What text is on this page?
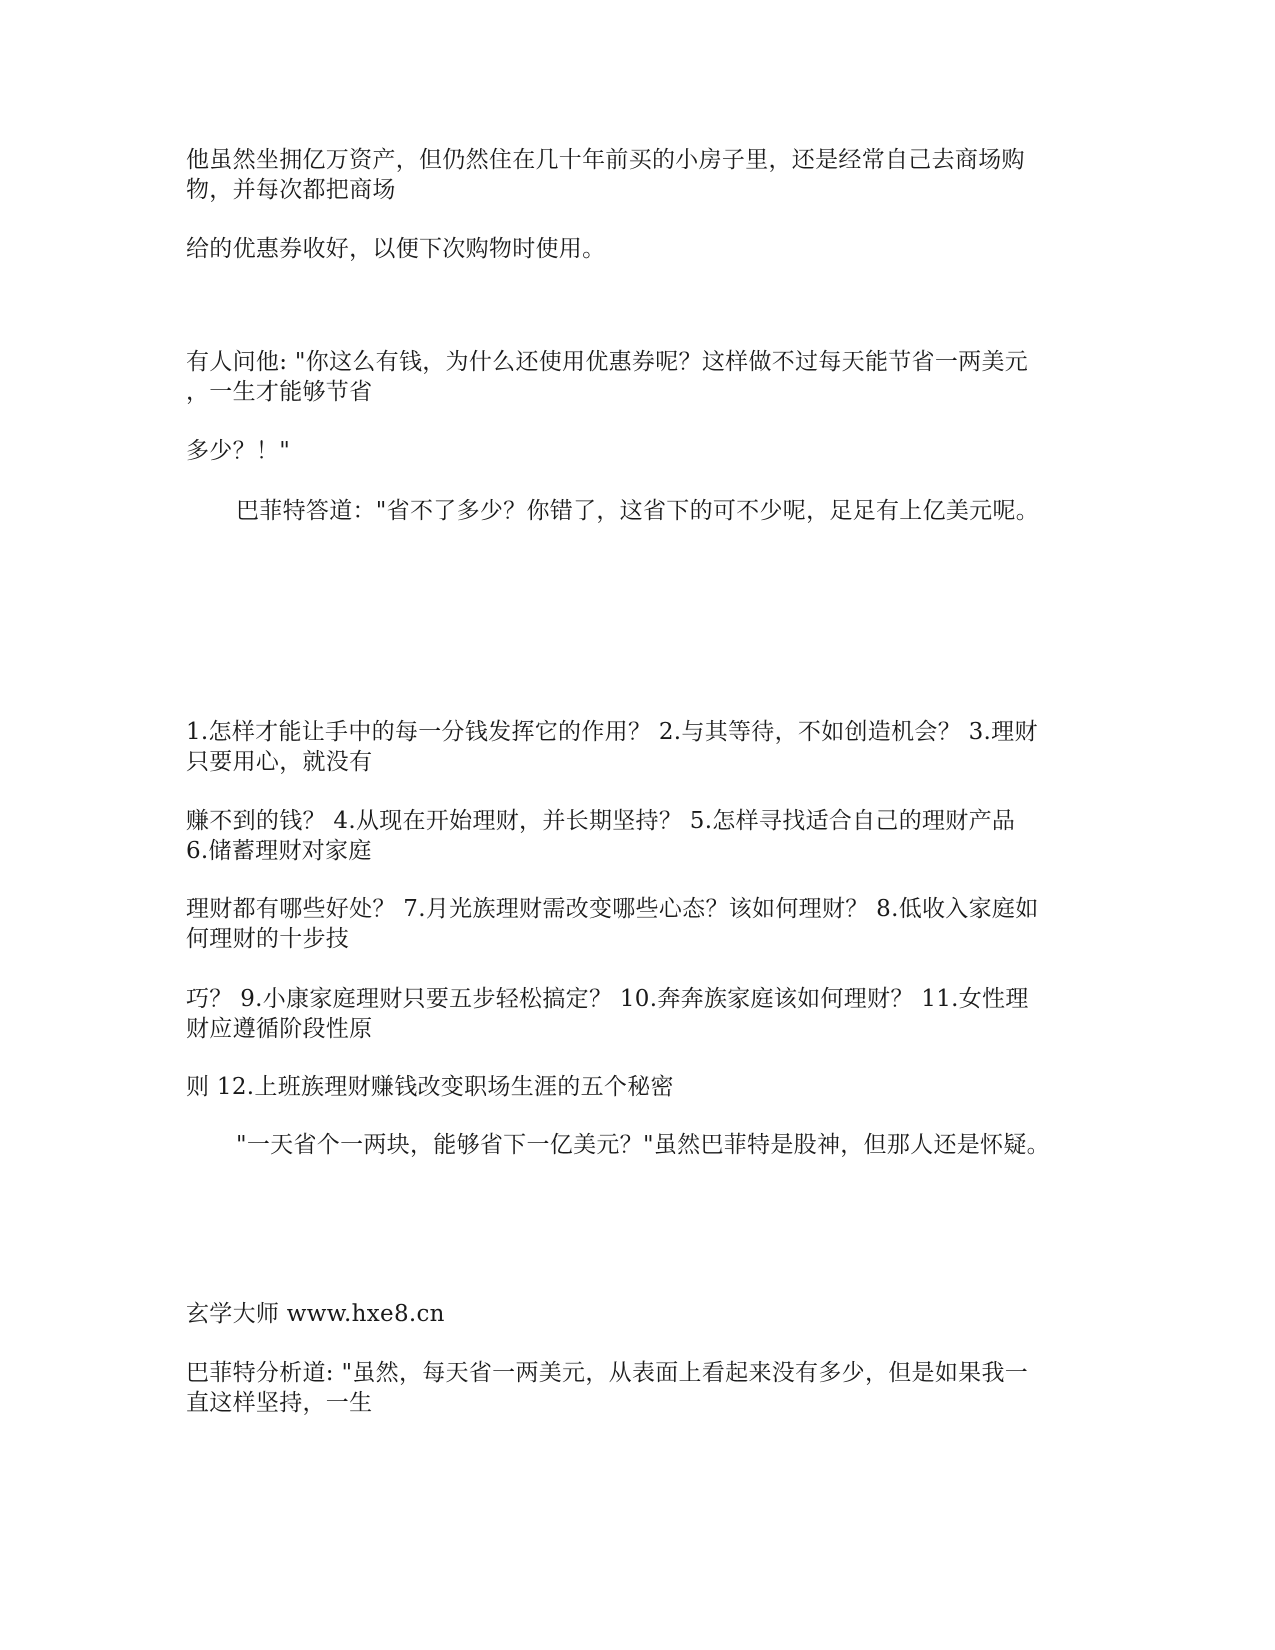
他虽然坐拥亿万资产，但仍然住在几十年前买的小房子里，还是经常自己去商场购
物，并每次都把商场
给的优惠券收好，以便下次购物时使用。
有人问他: "你这么有钱，为什么还使用优惠券呢？这样做不过每天能节省一两美元
，一生才能够节省
多少？！"
巴菲特答道："省不了多少？你错了，这省下的可不少呢，足足有上亿美元呢。
1.怎样才能让手中的每一分钱发挥它的作用？ 2.与其等待，不如创造机会？ 3.理财
只要用心，就没有
赚不到的钱？ 4.从现在开始理财，并长期坚持？ 5.怎样寻找适合自己的理财产品
6.储蓄理财对家庭
理财都有哪些好处？ 7.月光族理财需改变哪些心态？该如何理财？ 8.低收入家庭如
何理财的十步技
巧？ 9.小康家庭理财只要五步轻松搞定？ 10.奔奔族家庭该如何理财？ 11.女性理
财应遵循阶段性原
则 12.上班族理财赚钱改变职场生涯的五个秘密
"一天省个一两块，能够省下一亿美元？"虽然巴菲特是股神，但那人还是怀疑。
玄学大师 www.hxe8.cn
巴菲特分析道: "虽然，每天省一两美元，从表面上看起来没有多少，但是如果我一
直这样坚持，一生
